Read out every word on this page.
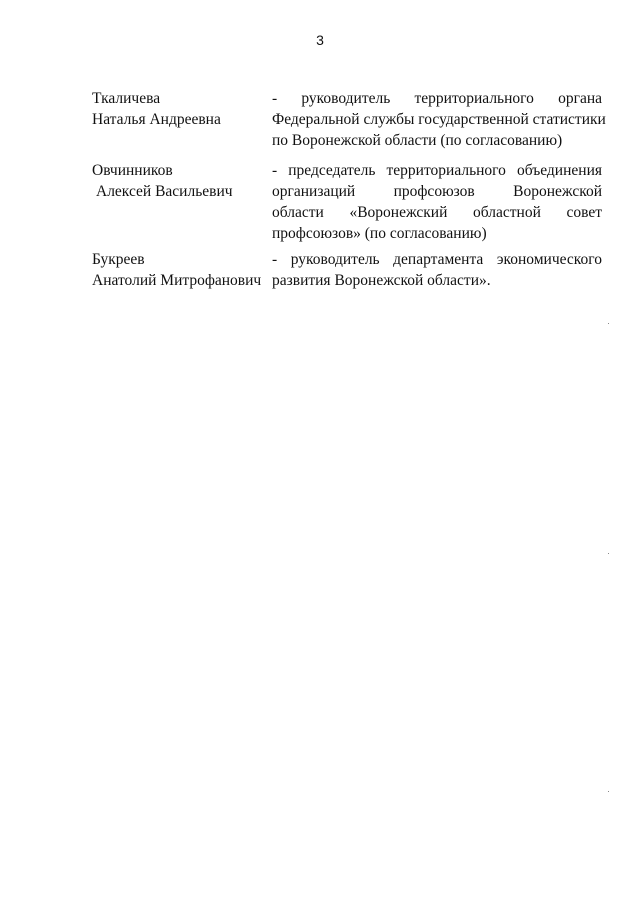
3
Ткаличева
Наталья Андреевна
- руководитель территориального органа
Федеральной службы государственной статистики
по Воронежской области (по согласованию)
Овчинников
Алексей Васильевич
- председатель территориального объединения
организаций профсоюзов Воронежской
области «Воронежский областной совет
профсоюзов» (по согласованию)
Букреев
Анатолий Митрофанович
- руководитель департамента экономического
развития Воронежской области».
